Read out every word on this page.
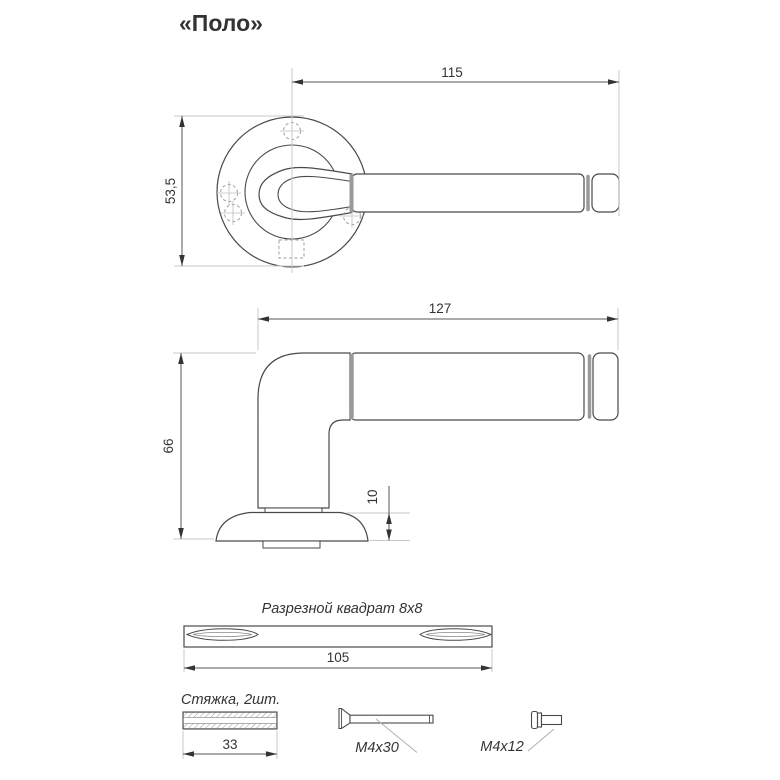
«Поло»
115
53,5
127
66
10
Разрезной квадрат 8х8
105
Стяжка, 2шт.
33	М4х30	М4х12
